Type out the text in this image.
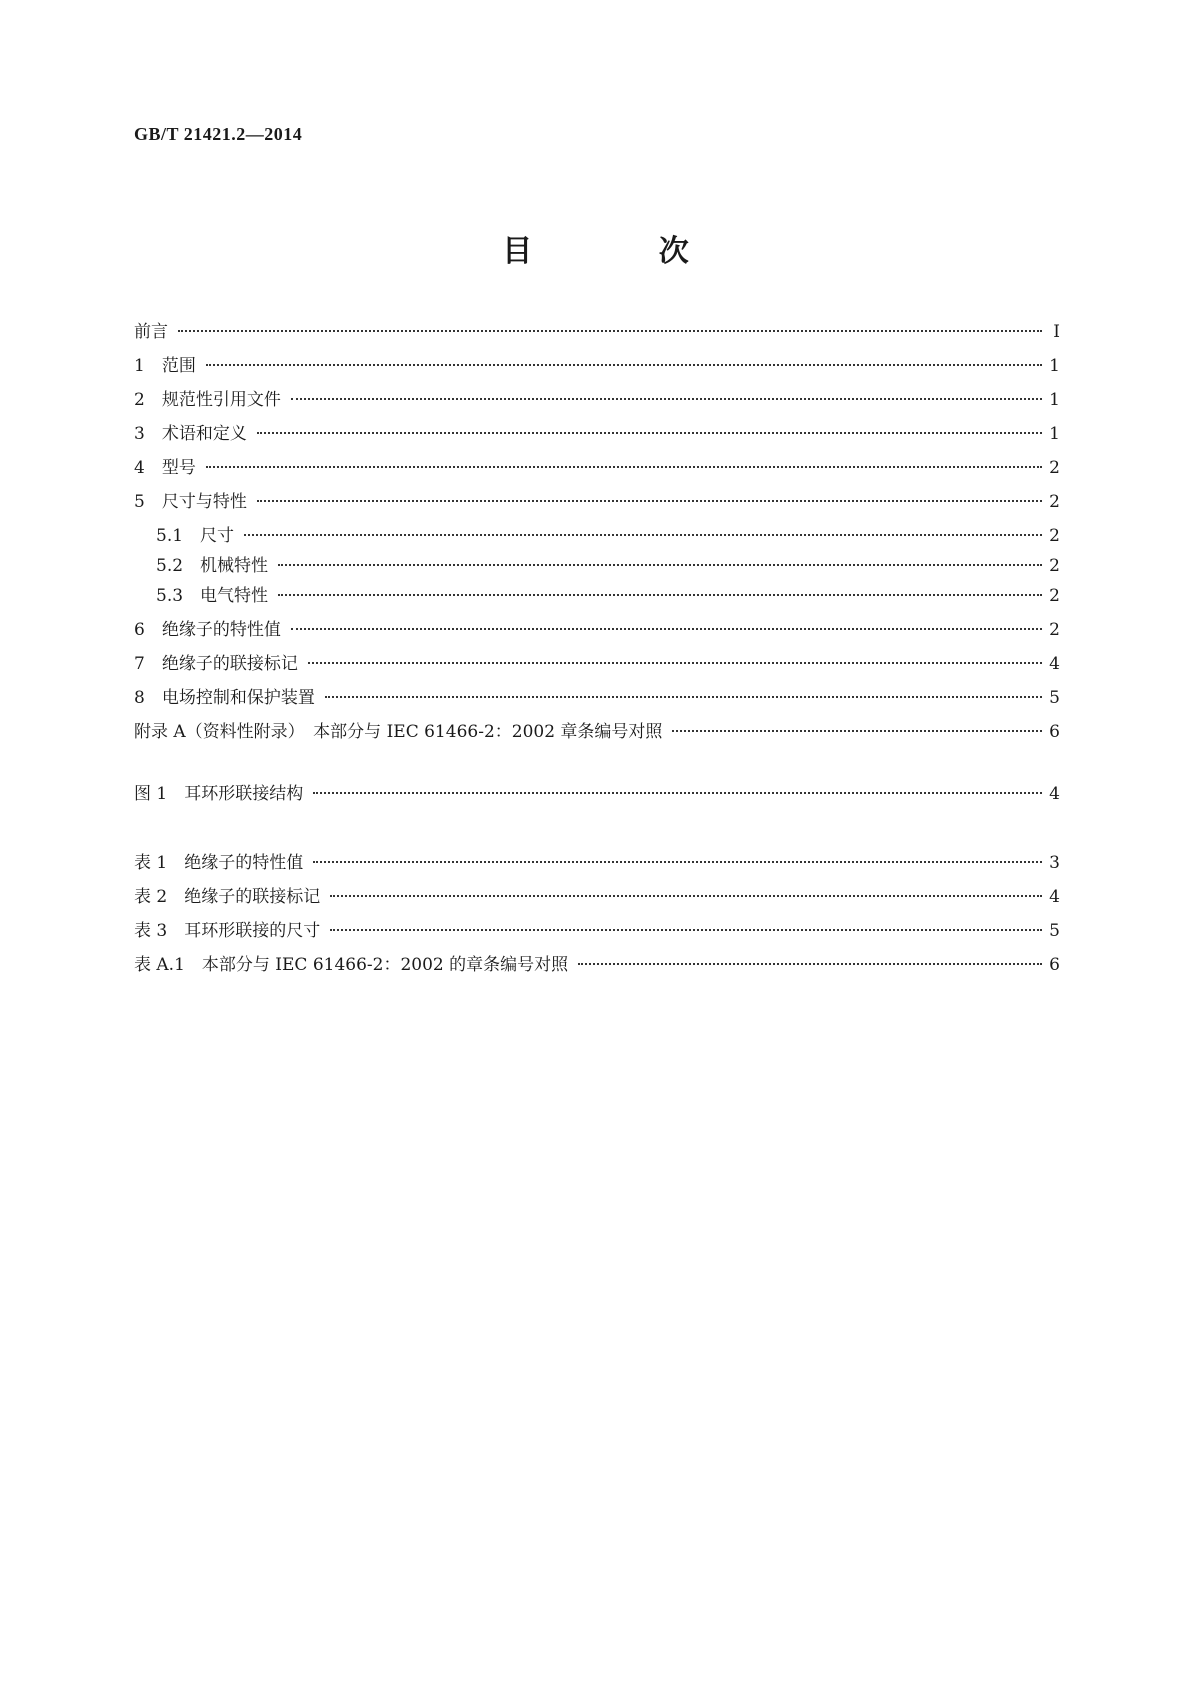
GB/T 21421.2—2014
目 次
前言	Ⅰ
1　范围	1
2　规范性引用文件	1
3　术语和定义	1
4　型号	2
5　尺寸与特性	2
5.1　尺寸	2
5.2　机械特性	2
5.3　电气特性	2
6　绝缘子的特性值	2
7　绝缘子的联接标记	4
8　电场控制和保护装置	5
附录 A（资料性附录）　本部分与 IEC 61466-2：2002 章条编号对照	6
图 1　耳环形联接结构	4
表 1　绝缘子的特性值	3
表 2　绝缘子的联接标记	4
表 3　耳环形联接的尺寸	5
表 A.1　本部分与 IEC 61466-2：2002 的章条编号对照	6
